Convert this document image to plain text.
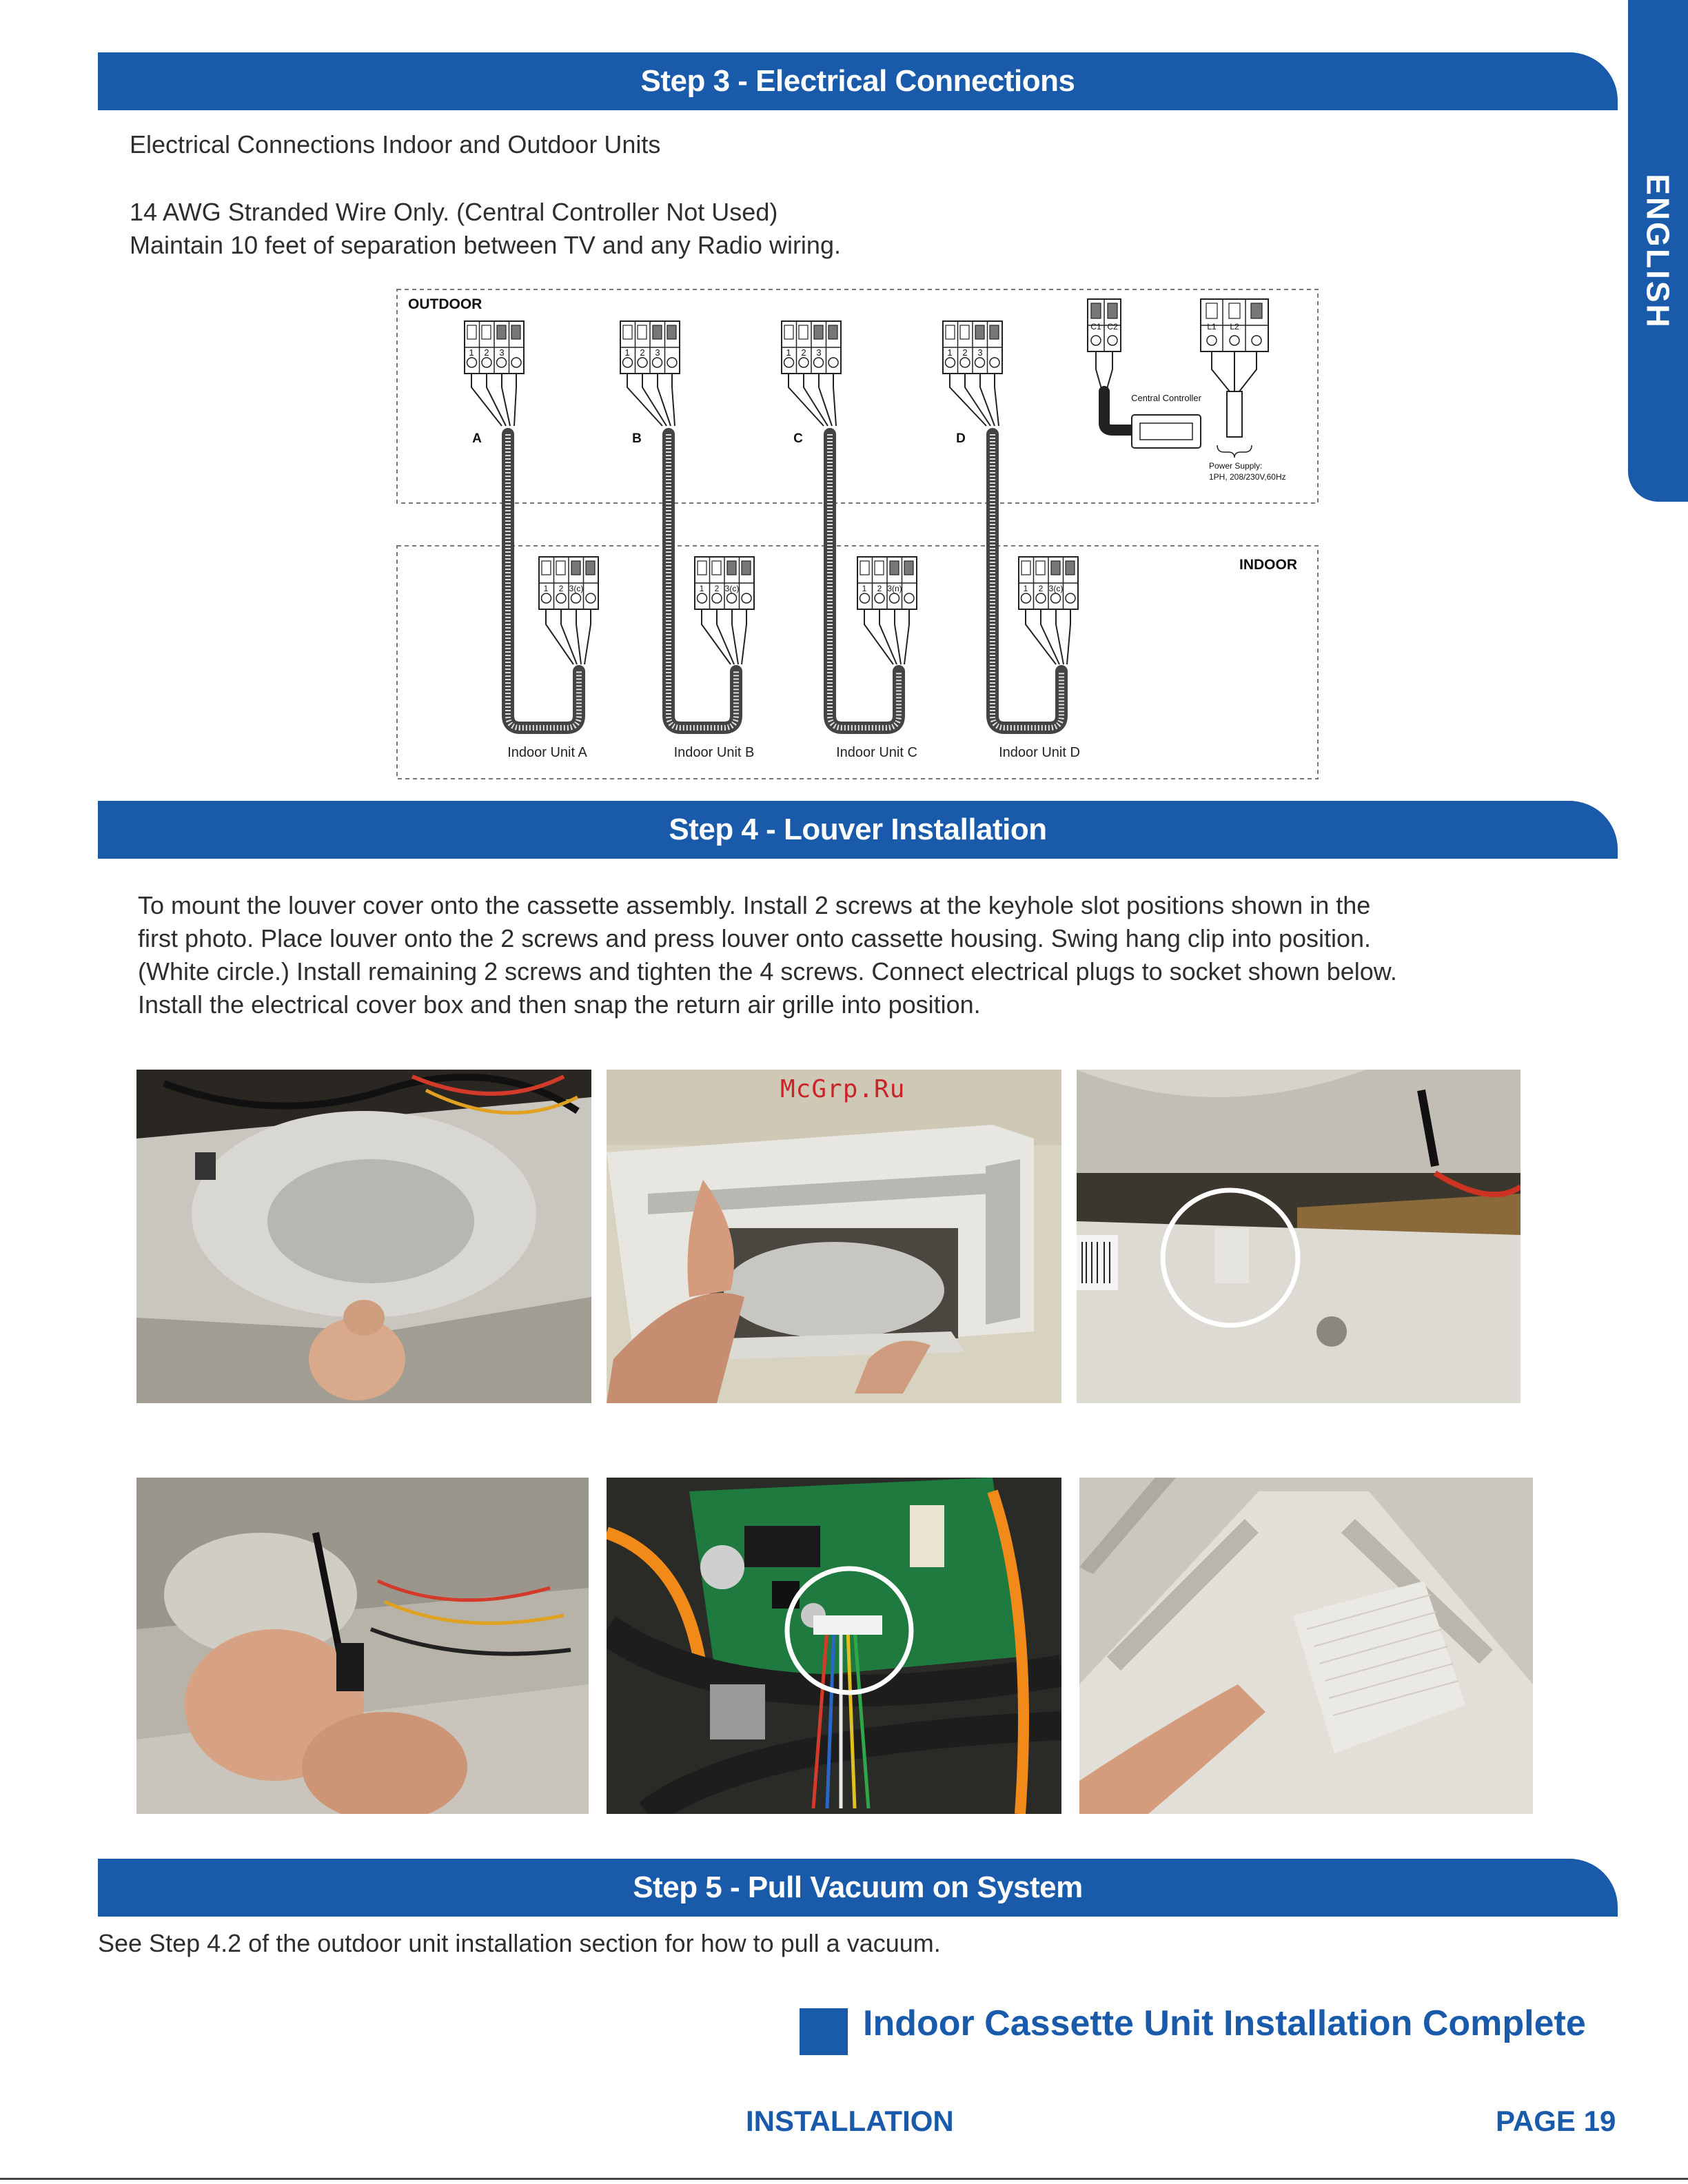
ENGLISH
Step 3 - Electrical Connections
Electrical Connections Indoor and Outdoor Units
14 AWG Stranded Wire Only. (Central Controller Not Used)
Maintain 10 feet of separation between TV and any Radio wiring.
OUTDOOR
INDOOR
1 2 3	1 2 3	1 2 3	1 2 3
A	B	C	D
C1 C2
Central Controller
L1 L2
Power Supply:
1PH, 208/230V,60Hz
1 2 3(c)	1 2 3(c)	1 2 3(n)	1 2 3(c)
Indoor Unit A	Indoor Unit B	Indoor Unit C	Indoor Unit D
Step 4 - Louver Installation
To mount the louver cover onto the cassette assembly. Install 2 screws at the keyhole slot positions shown in the
first photo. Place louver onto the 2 screws and press louver onto cassette housing. Swing hang clip into position.
(White circle.) Install remaining 2 screws and tighten the 4 screws. Connect electrical plugs to socket shown below.
Install the electrical cover box and then snap the return air grille into position.
McGrp.Ru
Step 5 - Pull Vacuum on System
See Step 4.2 of the outdoor unit installation section for how to pull a vacuum.
Indoor Cassette Unit Installation Complete
INSTALLATION	PAGE 19
